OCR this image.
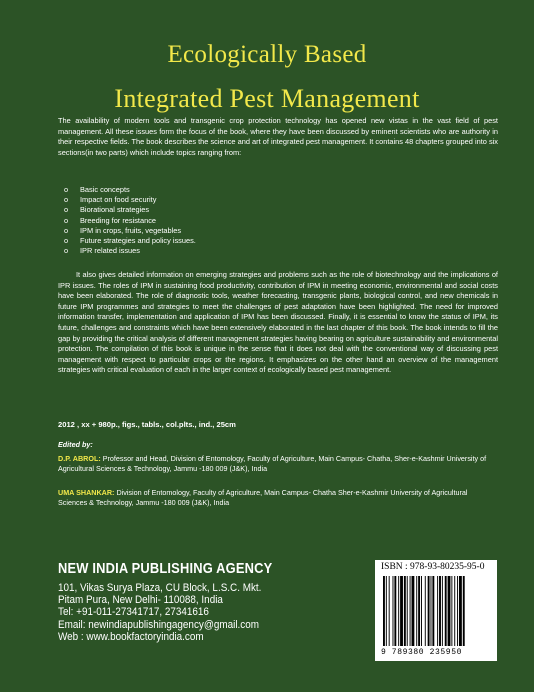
Ecologically Based
Integrated Pest Management

The availability of modern tools and transgenic crop protection technology has opened new vistas in the vast field of pest management. All these issues form the focus of the book, where they have been discussed by eminent scientists who are authority in their respective fields. The book describes the science and art of integrated pest management. It contains 48 chapters grouped into six sections(in two parts) which include topics ranging from:

o	Basic concepts
o	Impact on food security
o	Biorational strategies
o	Breeding for resistance
o	IPM in crops, fruits, vegetables
o	Future strategies and policy issues.
o	IPR related issues

It also gives detailed information on emerging strategies and problems such as the role of biotechnology and the implications of IPR issues. The roles of IPM in sustaining food productivity, contribution of IPM in meeting economic, environmental and social costs have been elaborated. The role of diagnostic tools, weather forecasting, transgenic plants, biological control, and new chemicals in future IPM programmes and strategies to meet the challenges of pest adaptation have been highlighted. The need for improved information transfer, implementation and application of IPM has been discussed. Finally, it is essential to know the status of IPM, its future, challenges and constraints which have been extensively elaborated in the last chapter of this book. The book intends to fill the gap by providing the critical analysis of different management strategies having bearing on agriculture sustainability and environmental protection. The compilation of this book is unique in the sense that it does not deal with the conventional way of discussing pest management with respect to particular crops or the regions. It emphasizes on the other hand an overview of the management strategies with critical evaluation of each in the larger context of ecologically based pest management.

2012 , xx + 980p., figs., tabls., col.plts., ind., 25cm

Edited by:

D.P. ABROL: Professor and Head, Division of Entomology, Faculty of Agriculture, Main Campus- Chatha, Sher-e-Kashmir University of Agricultural Sciences & Technology, Jammu -180 009 (J&K), India

UMA SHANKAR: Division of Entomology, Faculty of Agriculture, Main Campus- Chatha Sher-e-Kashmir University of Agricultural Sciences & Technology, Jammu -180 009 (J&K), India

NEW INDIA PUBLISHING AGENCY
101, Vikas Surya Plaza, CU Block, L.S.C. Mkt.
Pitam Pura, New Delhi- 110088, India
Tel: +91-011-27341717, 27341616
Email: newindiapublishingagency@gmail.com
Web : www.bookfactoryindia.com
ISBN : 978-93-80235-95-0
9 789380 235950
